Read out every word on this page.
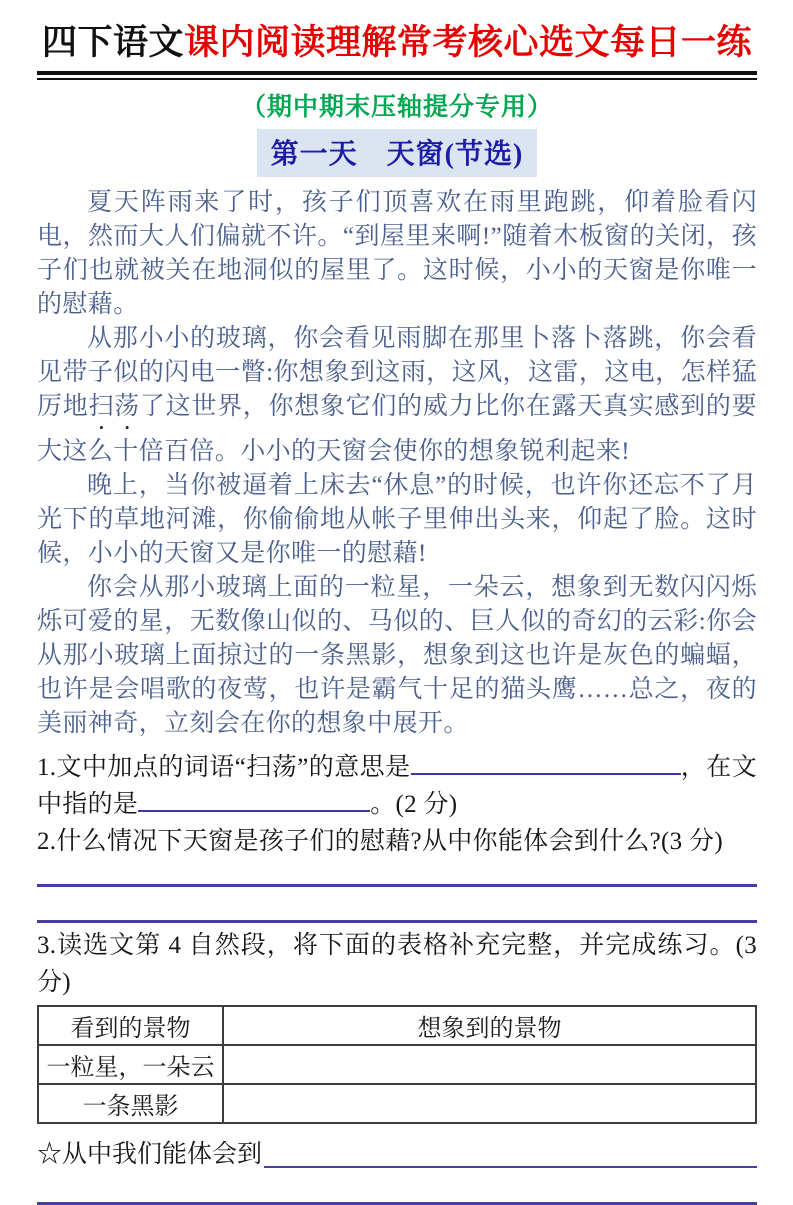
四下语文课内阅读理解常考核心选文每日一练
（期中期末压轴提分专用）
第一天　天窗(节选)

夏天阵雨来了时，孩子们顶喜欢在雨里跑跳，仰着脸看闪电，然而大人们偏就不许。“到屋里来啊!”随着木板窗的关闭，孩子们也就被关在地洞似的屋里了。这时候，小小的天窗是你唯一的慰藉。

从那小小的玻璃，你会看见雨脚在那里卜落卜落跳，你会看见带子似的闪电一瞥:你想象到这雨，这风，这雷，这电，怎样猛厉地扫荡了这世界，你想象它们的威力比你在露天真实感到的要大这么十倍百倍。小小的天窗会使你的想象锐利起来!

晚上，当你被逼着上床去“休息”的时候，也许你还忘不了月光下的草地河滩，你偷偷地从帐子里伸出头来，仰起了脸。这时候，小小的天窗又是你唯一的慰藉!

你会从那小玻璃上面的一粒星，一朵云，想象到无数闪闪烁烁可爱的星，无数像山似的、马似的、巨人似的奇幻的云彩:你会从那小玻璃上面掠过的一条黑影，想象到这也许是灰色的蝙蝠，也许是会唱歌的夜莺，也许是霸气十足的猫头鹰……总之，夜的美丽神奇，立刻会在你的想象中展开。

1.文中加点的词语“扫荡”的意思是	，在文中指的是	。(2 分)
2.什么情况下天窗是孩子们的慰藉?从中你能体会到什么?(3 分)
3.读选文第 4 自然段，将下面的表格补充完整，并完成练习。(3 分)
看到的景物	想象到的景物
一粒星，一朵云	
一条黑影	
☆从中我们能体会到
